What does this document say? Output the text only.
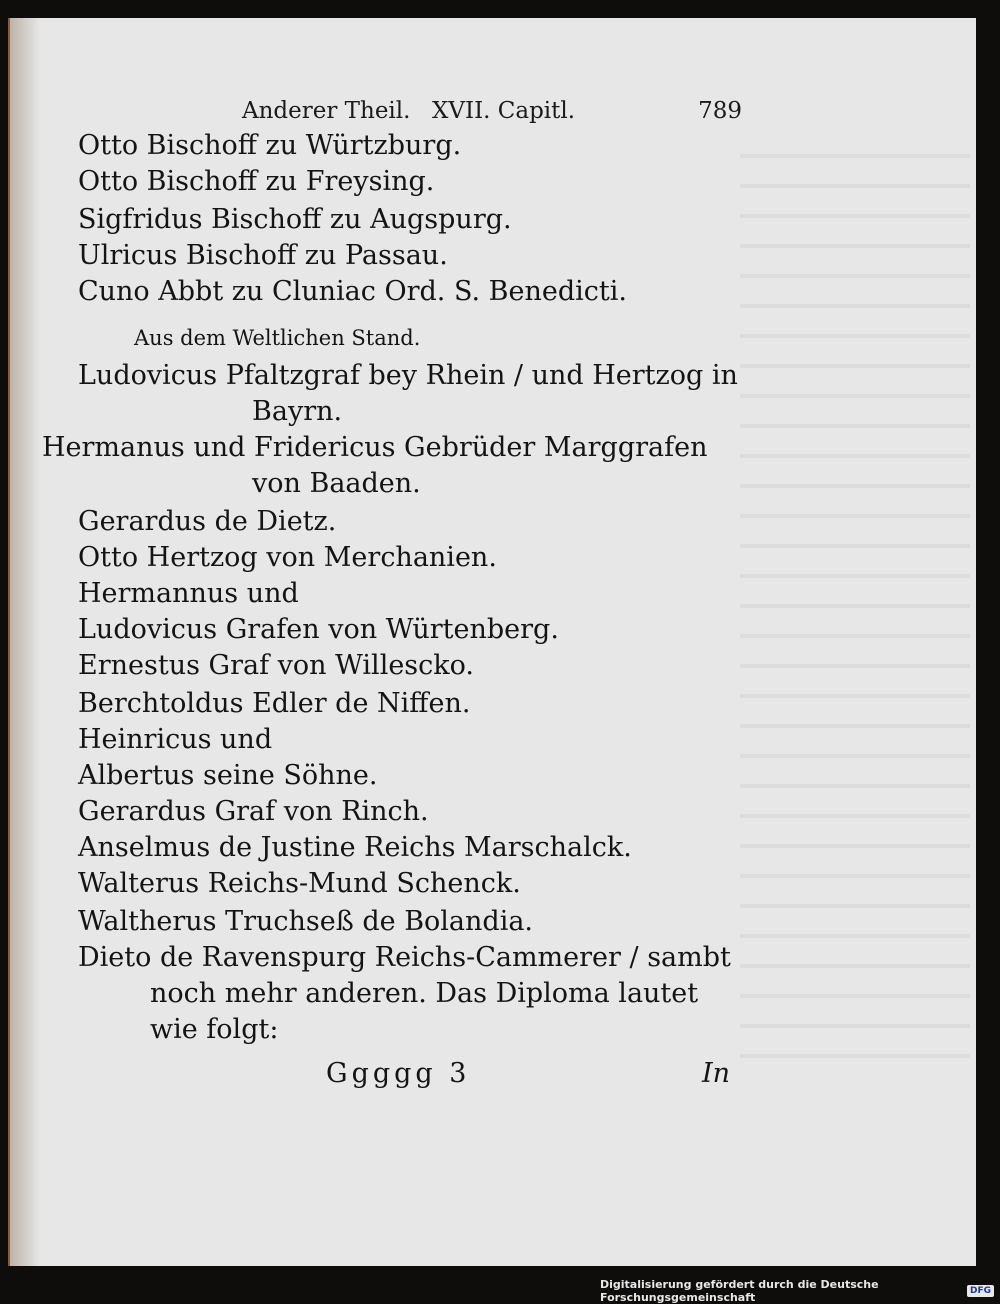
Anderer Theil. XVII. Capitl.	789
Otto Bischoff zu Würtzburg.
Otto Bischoff zu Freysing.
Sigfridus Bischoff zu Augspurg.
Ulricus Bischoff zu Passau.
Cuno Abbt zu Cluniac Ord. S. Benedicti.
Aus dem Weltlichen Stand.
Ludovicus Pfaltzgraf bey Rhein / und Hertzog in
Bayrn.
Hermanus und Fridericus Gebrüder Marggrafen
von Baaden.
Gerardus de Dietz.
Otto Hertzog von Merchanien.
Hermannus und
Ludovicus Grafen von Würtenberg.
Ernestus Graf von Willescko.
Berchtoldus Edler de Niffen.
Heinricus und
Albertus seine Söhne.
Gerardus Graf von Rinch.
Anselmus de Justine Reichs Marschalck.
Walterus Reichs-Mund Schenck.
Waltherus Truchseß de Bolandia.
Dieto de Ravenspurg Reichs-Cammerer / sambt
noch mehr anderen. Das Diploma lautet
wie folgt:
Ggggg 3	In
Digitalisierung gefördert durch die Deutsche Forschungsgemeinschaft	DFG
